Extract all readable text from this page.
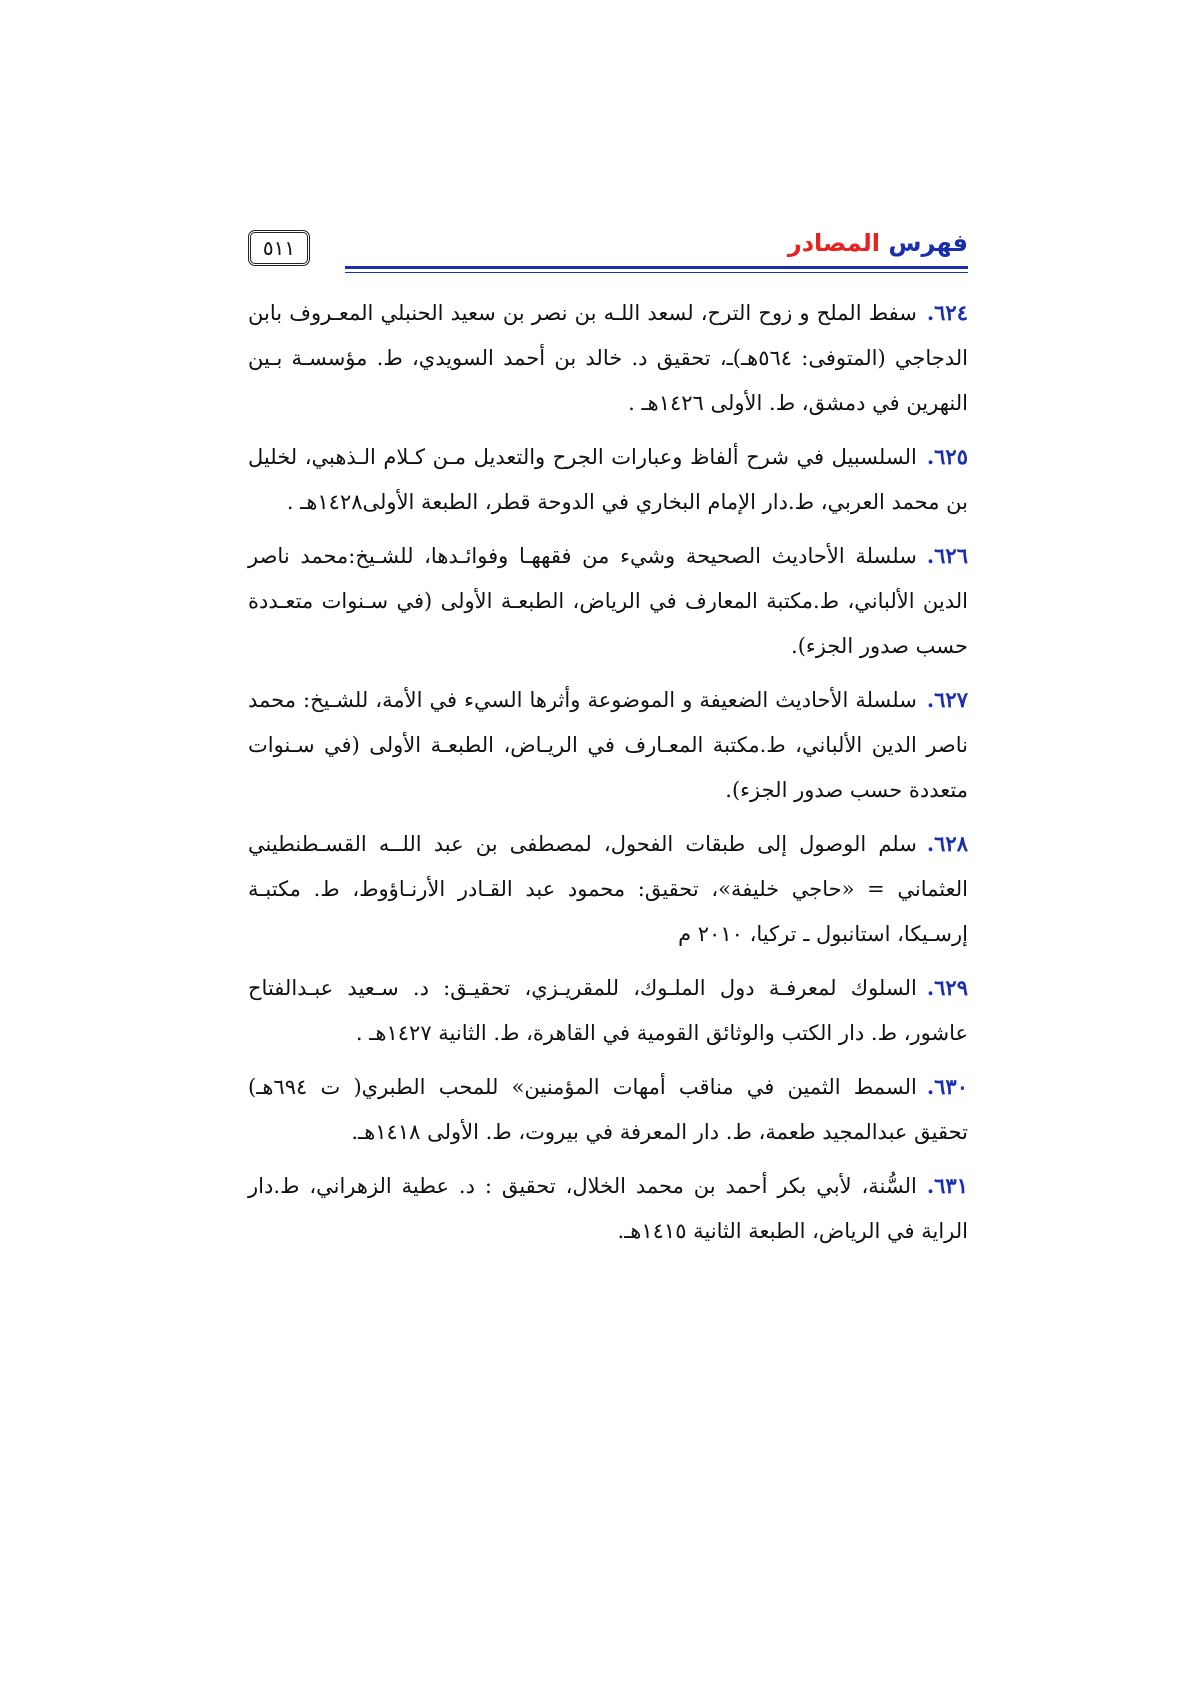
فهرس المصادر
٥١١

٦٢٤.سفط الملح و زوح الترح، لسعد اللـه بن نصر بن سعيد الحنبلي المعـروف بابن الدجاجي (المتوفى: ٥٦٤هـ)ـ، تحقيق د. خالد بن أحمد السويدي، ط. مؤسسـة بـين النهرين في دمشق، ط. الأولى ١٤٢٦هـ .

٦٢٥.السلسبيل في شرح ألفاظ وعبارات الجرح والتعديل مـن كـلام الـذهبي، لخليل بن محمد العربي، ط.دار الإمام البخاري في الدوحة قطر، الطبعة الأولى١٤٢٨هـ .

٦٢٦.سلسلة الأحاديث الصحيحة وشيء من فقههـا وفوائـدها، للشـيخ:محمد ناصر الدين الألباني، ط.مكتبة المعارف في الرياض، الطبعـة الأولى (في سـنوات متعـددة حسب صدور الجزء).

٦٢٧.سلسلة الأحاديث الضعيفة و الموضوعة وأثرها السيء في الأمة، للشـيخ: محمد ناصر الدين الألباني، ط.مكتبة المعـارف في الريـاض، الطبعـة الأولى (في سـنوات متعددة حسب صدور الجزء).

٦٢٨.سلم الوصول إلى طبقات الفحول، لمصطفى بن عبد اللــه القسـطنطيني العثماني = «حاجي خليفة»، تحقيق: محمود عبد القـادر الأرنـاؤوط، ط. مكتبـة إرسـيكا، استانبول ـ تركيا، ٢٠١٠ م

٦٢٩.السلوك لمعرفـة دول الملـوك، للمقريـزي، تحقيـق: د. سـعيد عبـدالفتاح عاشور، ط. دار الكتب والوثائق القومية في القاهرة، ط. الثانية ١٤٢٧هـ .

٦٣٠.السمط الثمين في مناقب أمهات المؤمنين» للمحب الطبري( ت ٦٩٤هـ) تحقيق عبدالمجيد طعمة، ط. دار المعرفة في بيروت، ط. الأولى ١٤١٨هـ.

٦٣١.السُّنة، لأبي بكر أحمد بن محمد الخلال، تحقيق : د. عطية الزهراني، ط.دار الراية في الرياض، الطبعة الثانية ١٤١٥هـ.
